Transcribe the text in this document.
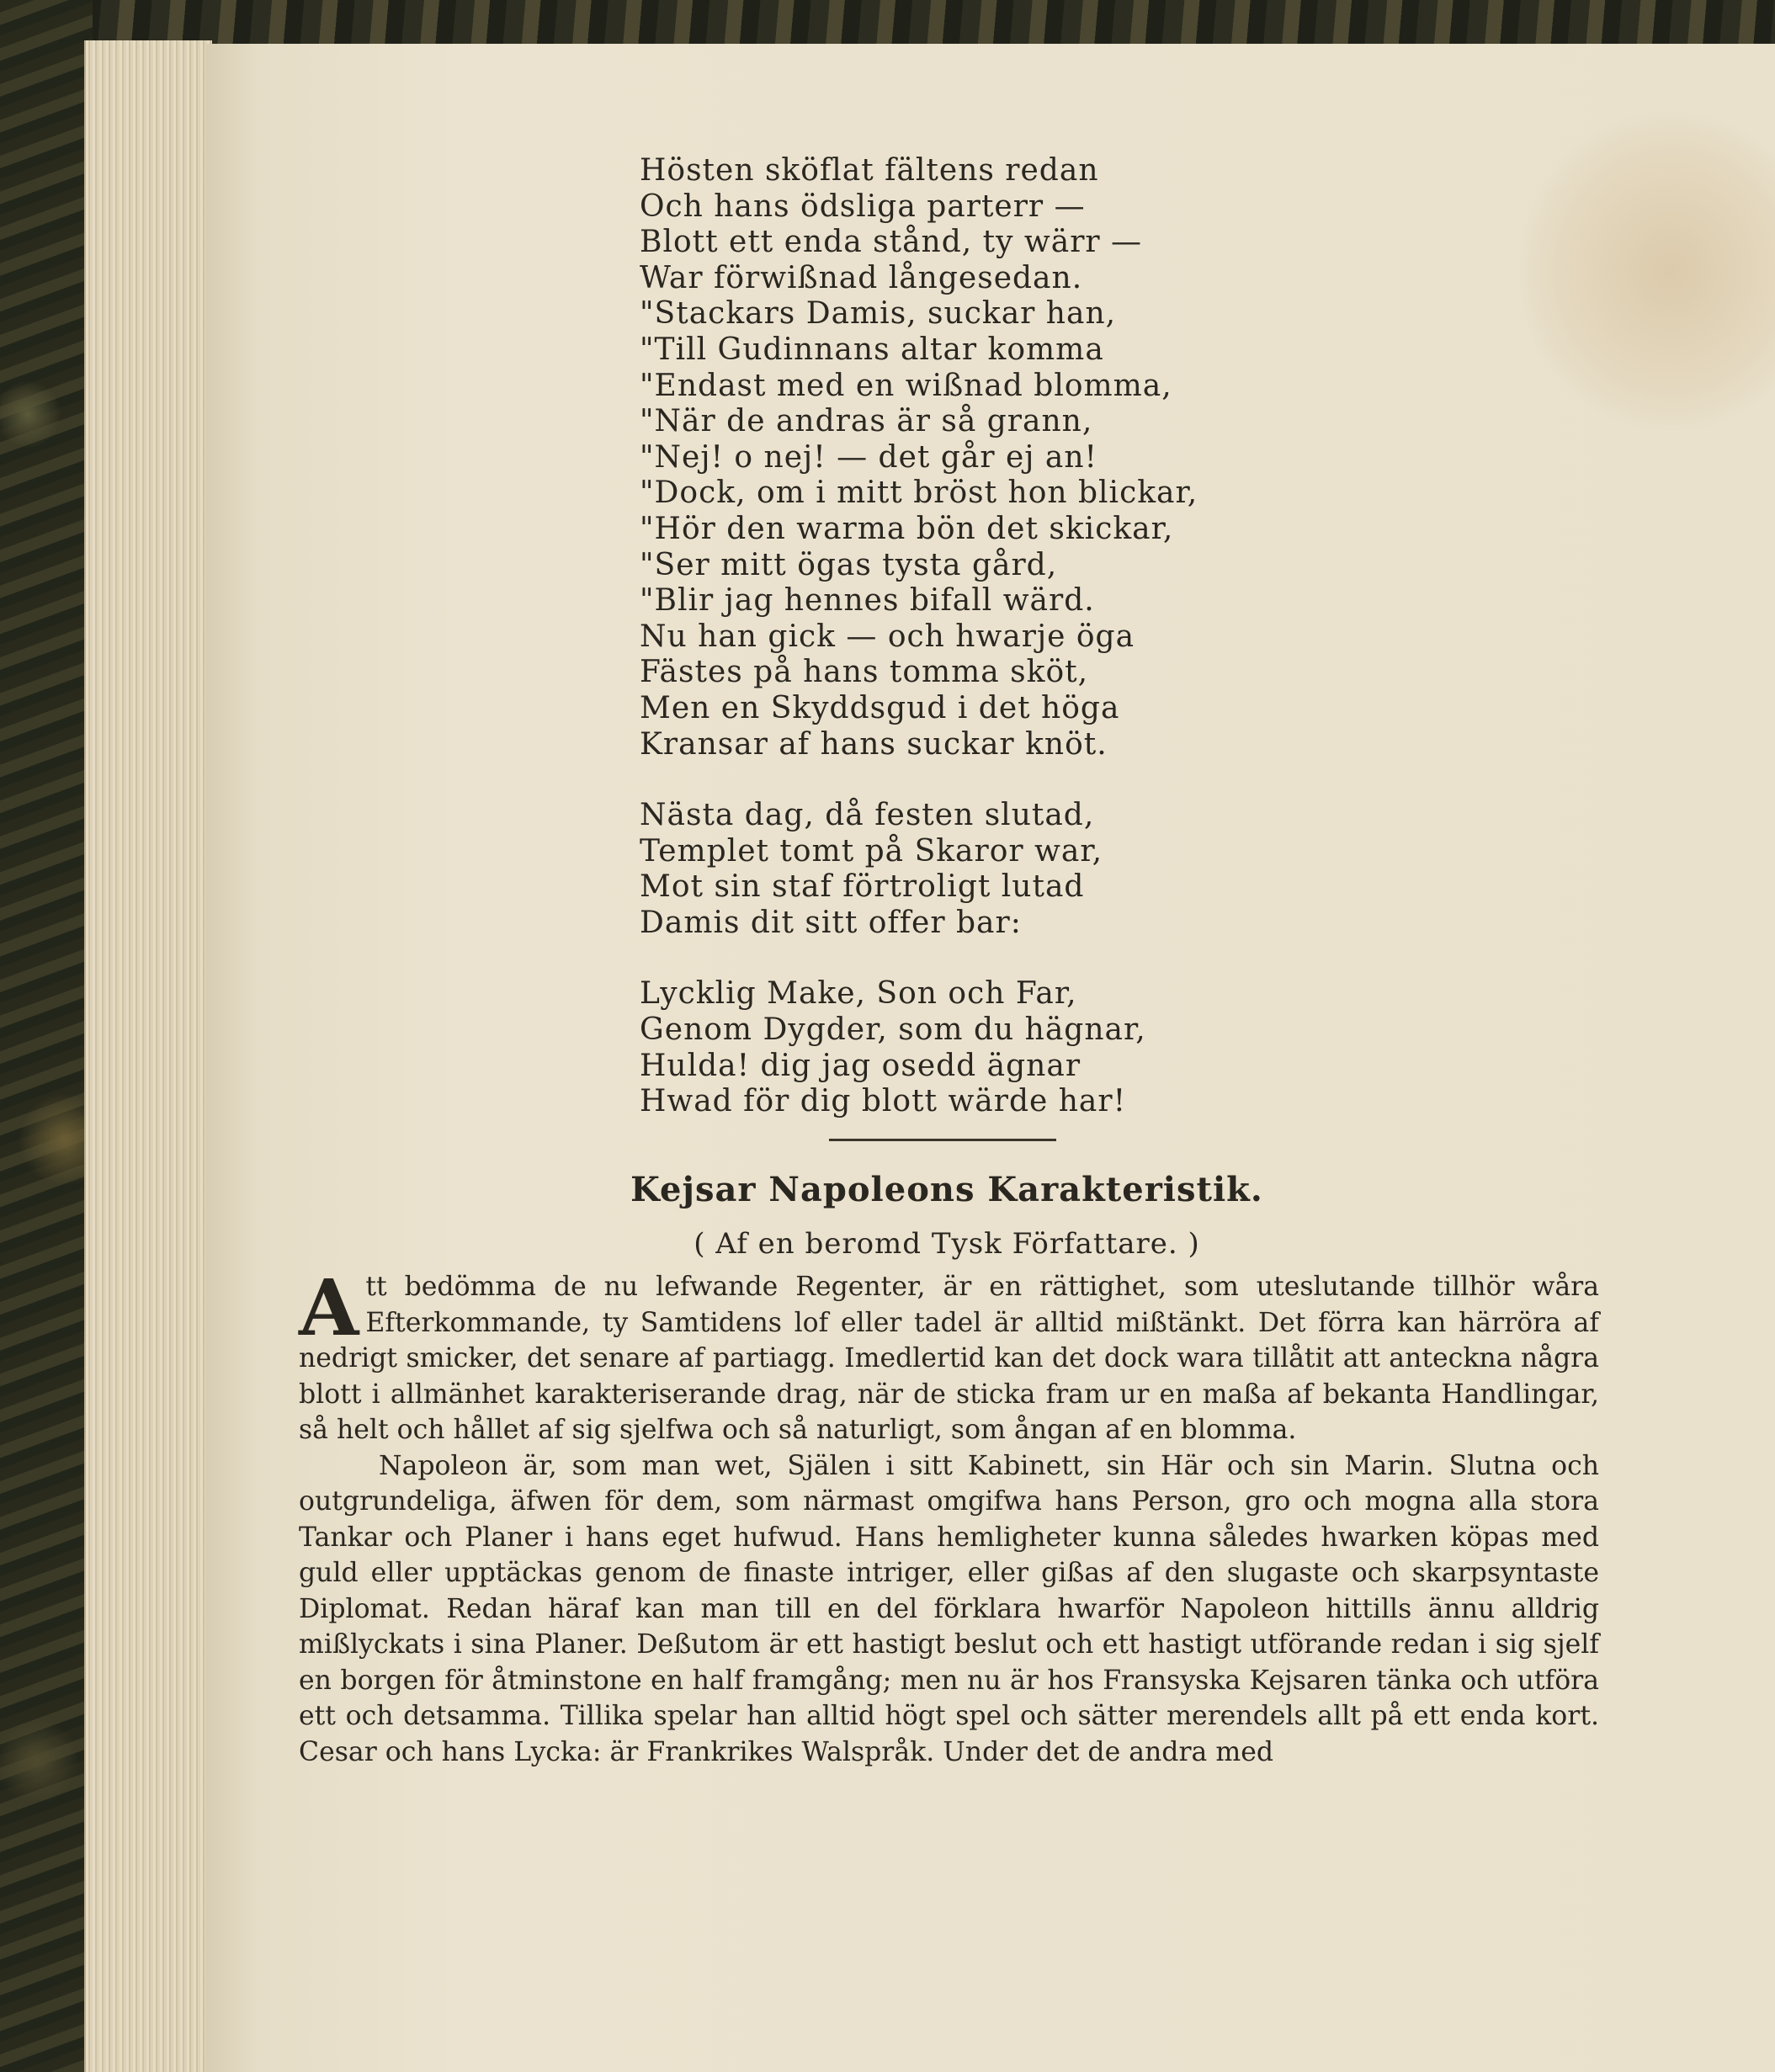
Hösten sköflat fältens redan
Och hans ödsliga parterr —
Blott ett enda stånd, ty wärr —
War förwißnad långesedan.
"Stackars Damis, suckar han,
"Till Gudinnans altar komma
"Endast med en wißnad blomma,
"När de andras är så grann,
"Nej! o nej! — det går ej an!
"Dock, om i mitt bröst hon blickar,
"Hör den warma bön det skickar,
"Ser mitt ögas tysta gård,
"Blir jag hennes bifall wärd.
Nu han gick — och hwarje öga
Fästes på hans tomma sköt,
Men en Skyddsgud i det höga
Kransar af hans suckar knöt.
Nästa dag, då festen slutad,
Templet tomt på Skaror war,
Mot sin staf förtroligt lutad
Damis dit sitt offer bar:
Lycklig Make, Son och Far,
Genom Dygder, som du hägnar,
Hulda! dig jag osedd ägnar
Hwad för dig blott wärde har!
Kejsar Napoleons Karakteristik.
( Af en beromd Tysk Författare. )

Att bedömma de nu lefwande Regenter, är en rättighet, som uteslutande tillhör wåra Efterkommande, ty Samtidens lof eller tadel är alltid mißtänkt. Det förra kan härröra af nedrigt smicker, det senare af partiagg. Imedlertid kan det dock wara tillåtit att anteckna några blott i allmänhet karakteriserande drag, när de sticka fram ur en maßa af bekanta Handlingar, så helt och hållet af sig sjelfwa och så naturligt, som ångan af en blomma.

Napoleon är, som man wet, Själen i sitt Kabinett, sin Här och sin Marin. Slutna och outgrundeliga, äfwen för dem, som närmast omgifwa hans Person, gro och mogna alla stora Tankar och Planer i hans eget hufwud. Hans hemligheter kunna således hwarken köpas med guld eller upptäckas genom de finaste intriger, eller gißas af den slugaste och skarpsyntaste Diplomat. Redan häraf kan man till en del förklara hwarför Napoleon hittills ännu alldrig mißlyckats i sina Planer. Deßutom är ett hastigt beslut och ett hastigt utförande redan i sig sjelf en borgen för åtminstone en half framgång; men nu är hos Fransyska Kejsaren tänka och utföra ett och detsamma. Tillika spelar han alltid högt spel och sätter merendels allt på ett enda kort. Cesar och hans Lycka: är Frankrikes Walspråk. Under det de andra med
